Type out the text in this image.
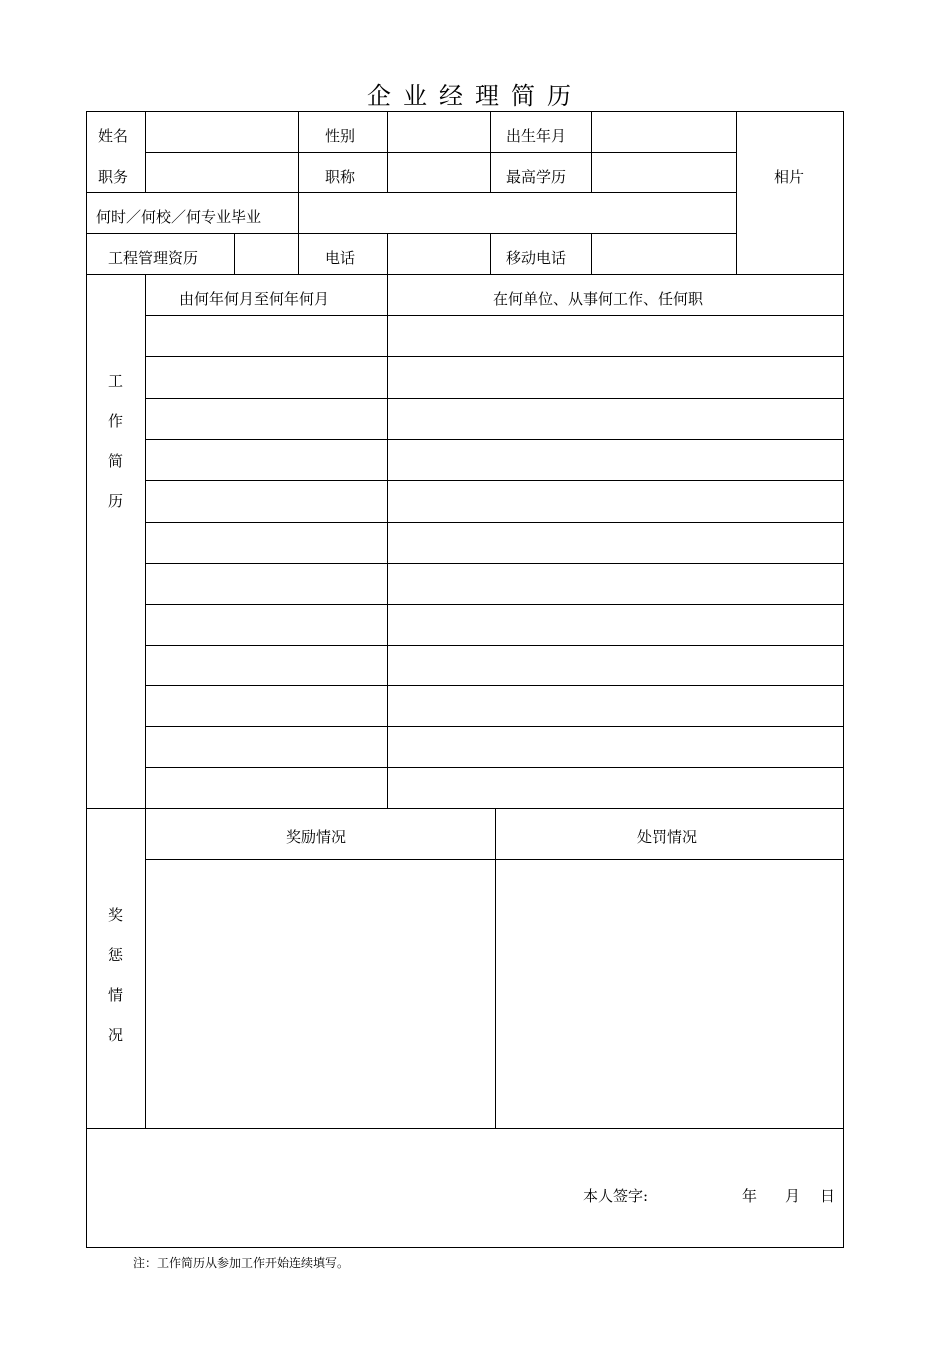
企业经理简历
姓名	性别	出生年月
职务	职称	最高学历
何时／何校／何专业毕业
工程管理资历	电话	移动电话
相片
由何年何月至何年何月	在何单位、从事何工作、任何职
工
作
简
历
奖励情况	处罚情况
奖
惩
情
况
本人签字:	年 月 日
注：工作简历从参加工作开始连续填写。
